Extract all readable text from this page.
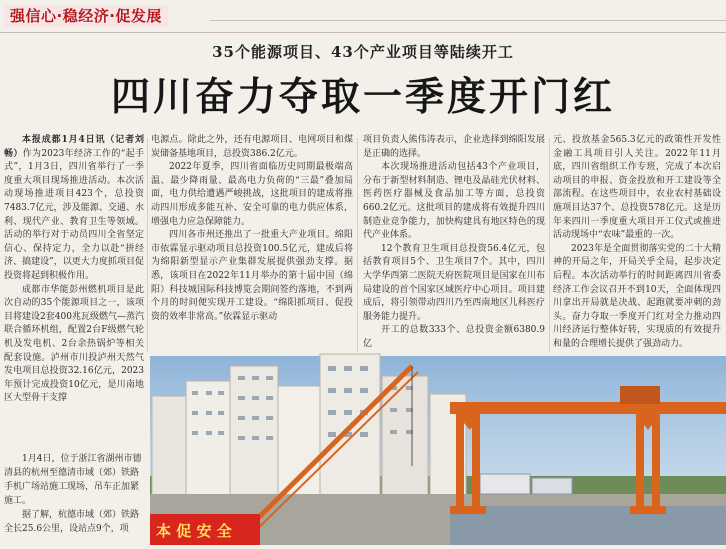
强信心·稳经济·促发展
35个能源项目、43个产业项目等陆续开工
四川奋力夺取一季度开门红

本报成都1月4日讯（记者刘畅）作为2023年经济工作的“起手式”，1月3日，四川省举行了一季度重大项目现场推进活动。本次活动现场推进项目423个，总投资7483.7亿元，涉及能源、交通、水利、现代产业、教育卫生等领域。活动的举行对于动员四川全省坚定信心、保持定力，全力以赴“拼经济、搞建设”，以更大力度抓项目促投资将起到积极作用。

成都市华能彭州燃机项目是此次自动的35个能源项目之一，该项目将建设2套400兆瓦级燃气—蒸汽联合循环机组，配置2台F级燃气轮机及发电机、2台余热锅炉等相关配套设施。泸州市川投泸州天然气发电项目总投资32.16亿元，2023年预计完成投资10亿元，是川南地区大型骨干支撑

电源点。除此之外，还有电源项目、电网项目和煤炭储备基地项目，总投资386.2亿元。

2022年夏季，四川省面临历史同期最极端高温、最少降雨量、最高电力负荷的“三最”叠加局面，电力供给遭遇严峻挑战，这批项目的建成将推动四川形成多能互补、安全可靠的电力供应体系，增强电力应急保障能力。

四川各市州还推出了一批重大产业项目。绵阳市依霖显示驱动项目总投资100.5亿元，建成后将为绵阳新型显示产业集群发展提供强劲支撑。据悉，该项目在2022年11月举办的第十届中国（绵阳）科技城国际科技博览会期间签约落地，不到两个月的时间便实现开工建设。“绵阳抓项目、促投资的效率非常高。”依霖显示驱动

项目负责人熊伟涛表示，企业选择到绵阳发展是正确的选择。

本次现场推进活动包括43个产业项目，分布于新型材料制造、锂电及晶硅光伏材料、医药医疗器械及食品加工等方面，总投资660.2亿元。这批项目的建成将有效提升四川制造业竞争能力，加快构建具有地区特色的现代产业体系。

12个教育卫生项目总投资56.4亿元，包括教育项目5个、卫生项目7个。其中，四川大学华西第二医院天府医院项目是国家在川布局建设的首个国家区域医疗中心项目。项目建成后，将引领带动四川乃至西南地区儿科医疗服务能力提升。

开工的总数333个、总投资金额6380.9亿

元、投放基金565.3亿元的政策性开发性金融工具项目引人关注。2022年11月底，四川省组织工作专班，完成了本次启动项目的申报、资金投放和开工建设等全部流程。在这些项目中，农业农村基础设施项目达37个、总投资578亿元。这是历年来四川一季度重大项目开工仪式或推进活动现场中“农味”最重的一次。

2023年是全面贯彻落实党的二十大精神的开局之年，开局关乎全局，起步决定后程。本次活动举行的时间距离四川省委经济工作会议召开不到10天，全面体现四川拿出开局就是决战、起跑就要冲刺的劲头。奋力夺取一季度开门红对全力推动四川经济运行整体好转，实现质的有效提升和量的合理增长提供了强劲动力。

1月4日，位于浙江省湖州市德清县的杭州至德清市域（郊）铁路手机广场站施工现场，吊车正加紧施工。

据了解，杭德市域（郊）铁路全长25.6公里，设站点9个，项	本 促 安 全
